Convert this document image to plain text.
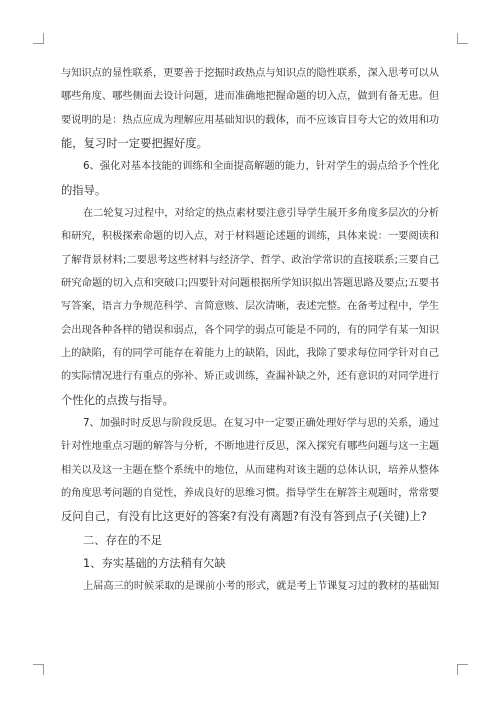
与知识点的显性联系，更要善于挖掘时政热点与知识点的隐性联系，深入思考可以从
哪些角度、哪些侧面去设计问题，进而准确地把握命题的切入点，做到有备无患。但
要说明的是：热点应成为理解应用基础知识的载体，而不应该盲目夸大它的效用和功
能，复习时一定要把握好度。
6、强化对基本技能的训练和全面提高解题的能力，针对学生的弱点给予个性化
的指导。
在二轮复习过程中，对给定的热点素材要注意引导学生展开多角度多层次的分析
和研究，积极探索命题的切入点，对于材料题论述题的训练，具体来说：一要阅读和
了解背景材料;二要思考这些材料与经济学、哲学、政治学常识的直接联系;三要自己
研究命题的切入点和突破口;四要针对问题根据所学知识拟出答题思路及要点;五要书
写答案，语言力争规范科学、言简意赅、层次清晰，表述完整。在备考过程中，学生
会出现各种各样的错误和弱点，各个同学的弱点可能是不同的，有的同学有某一知识
上的缺陷，有的同学可能存在着能力上的缺陷，因此，我除了要求每位同学针对自己
的实际情况进行有重点的弥补、矫正或训练，查漏补缺之外，还有意识的对同学进行
个性化的点拨与指导。
7、加强时时反思与阶段反思。在复习中一定要正确处理好学与思的关系，通过
针对性地重点习题的解答与分析，不断地进行反思，深入探究有哪些问题与这一主题
相关以及这一主题在整个系统中的地位，从而建构对该主题的总体认识，培养从整体
的角度思考问题的自觉性，养成良好的思维习惯。指导学生在解答主观题时，常常要
反问自己，有没有比这更好的答案?有没有离题?有没有答到点子(关键)上?
二、存在的不足
1、夯实基础的方法稍有欠缺
上届高三的时候采取的是课前小考的形式，就是考上节课复习过的教材的基础知
